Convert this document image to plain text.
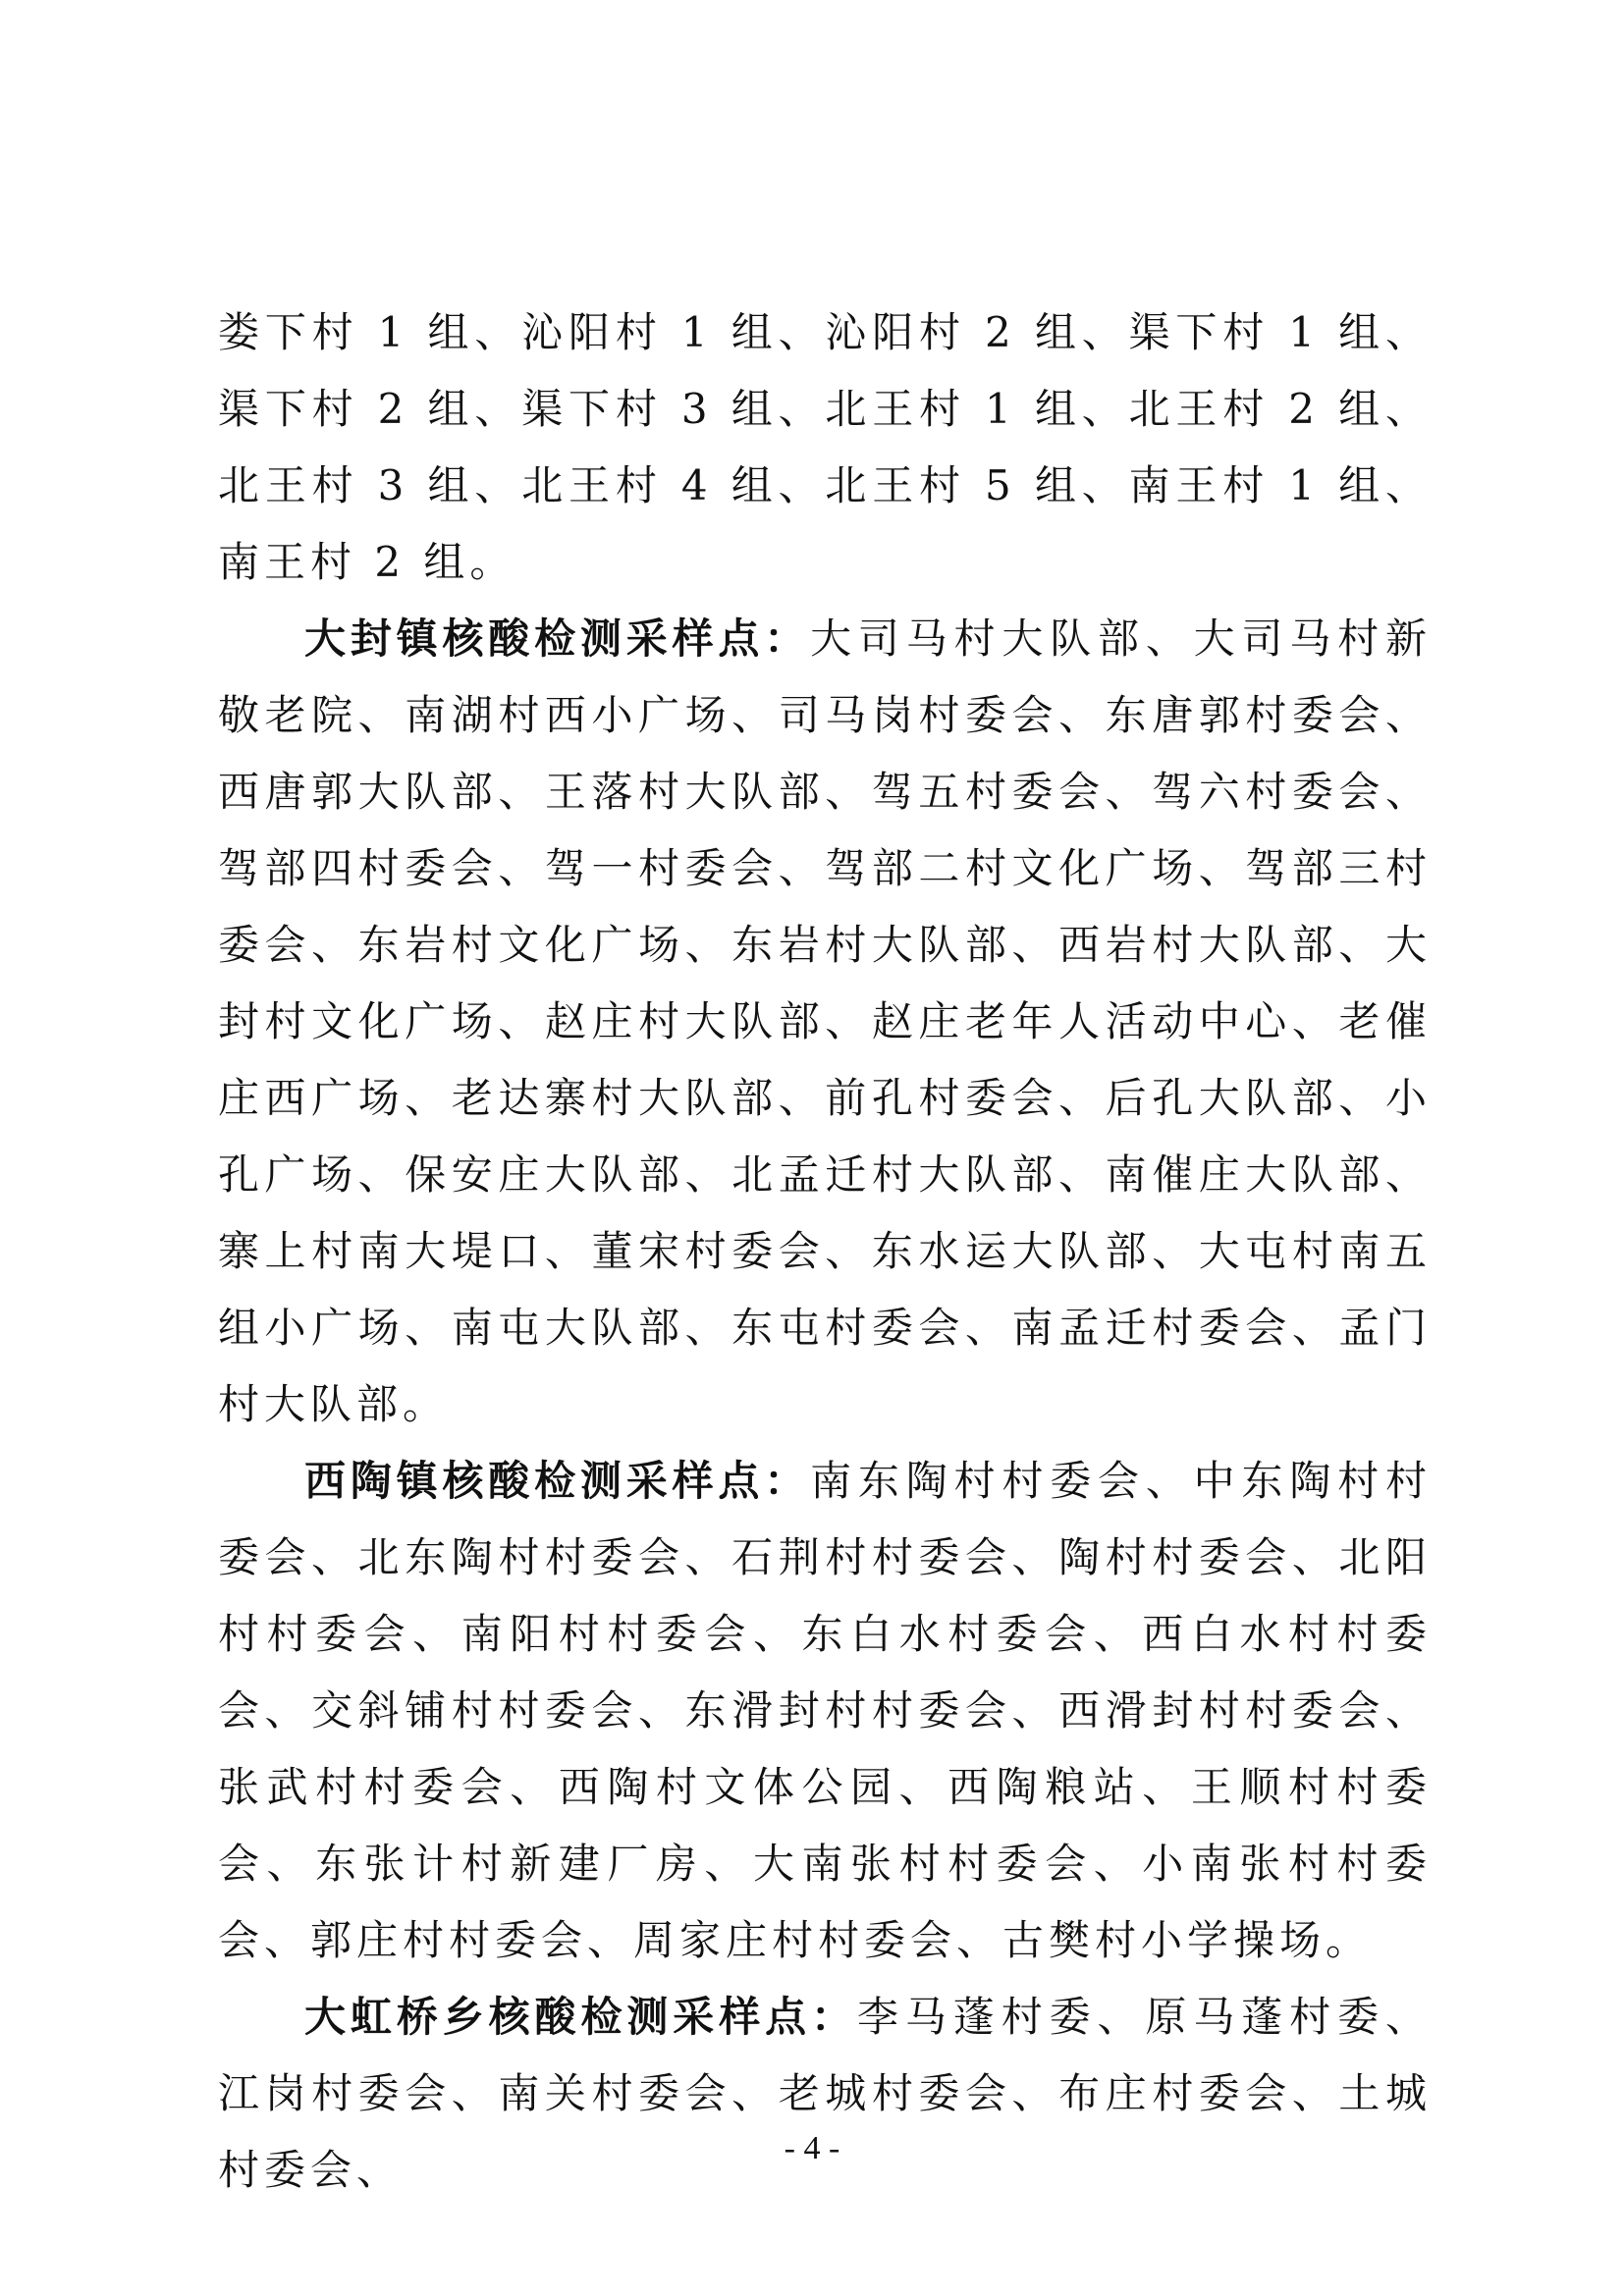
娄下村 1 组、沁阳村 1 组、沁阳村 2 组、渠下村 1 组、渠下村 2 组、渠下村 3 组、北王村 1 组、北王村 2 组、北王村 3 组、北王村 4 组、北王村 5 组、南王村 1 组、南王村 2 组。

大封镇核酸检测采样点：大司马村大队部、大司马村新敬老院、南湖村西小广场、司马岗村委会、东唐郭村委会、西唐郭大队部、王落村大队部、驾五村委会、驾六村委会、驾部四村委会、驾一村委会、驾部二村文化广场、驾部三村委会、东岩村文化广场、东岩村大队部、西岩村大队部、大封村文化广场、赵庄村大队部、赵庄老年人活动中心、老催庄西广场、老达寨村大队部、前孔村委会、后孔大队部、小孔广场、保安庄大队部、北孟迁村大队部、南催庄大队部、寨上村南大堤口、董宋村委会、东水运大队部、大屯村南五组小广场、南屯大队部、东屯村委会、南孟迁村委会、孟门村大队部。

西陶镇核酸检测采样点：南东陶村村委会、中东陶村村委会、北东陶村村委会、石荆村村委会、陶村村委会、北阳村村委会、南阳村村委会、东白水村委会、西白水村村委会、交斜铺村村委会、东滑封村村委会、西滑封村村委会、张武村村委会、西陶村文体公园、西陶粮站、王顺村村委会、东张计村新建厂房、大南张村村委会、小南张村村委会、郭庄村村委会、周家庄村村委会、古樊村小学操场。

大虹桥乡核酸检测采样点：李马蓬村委、原马蓬村委、江岗村委会、南关村委会、老城村委会、布庄村委会、土城村委会、	- 4 -
